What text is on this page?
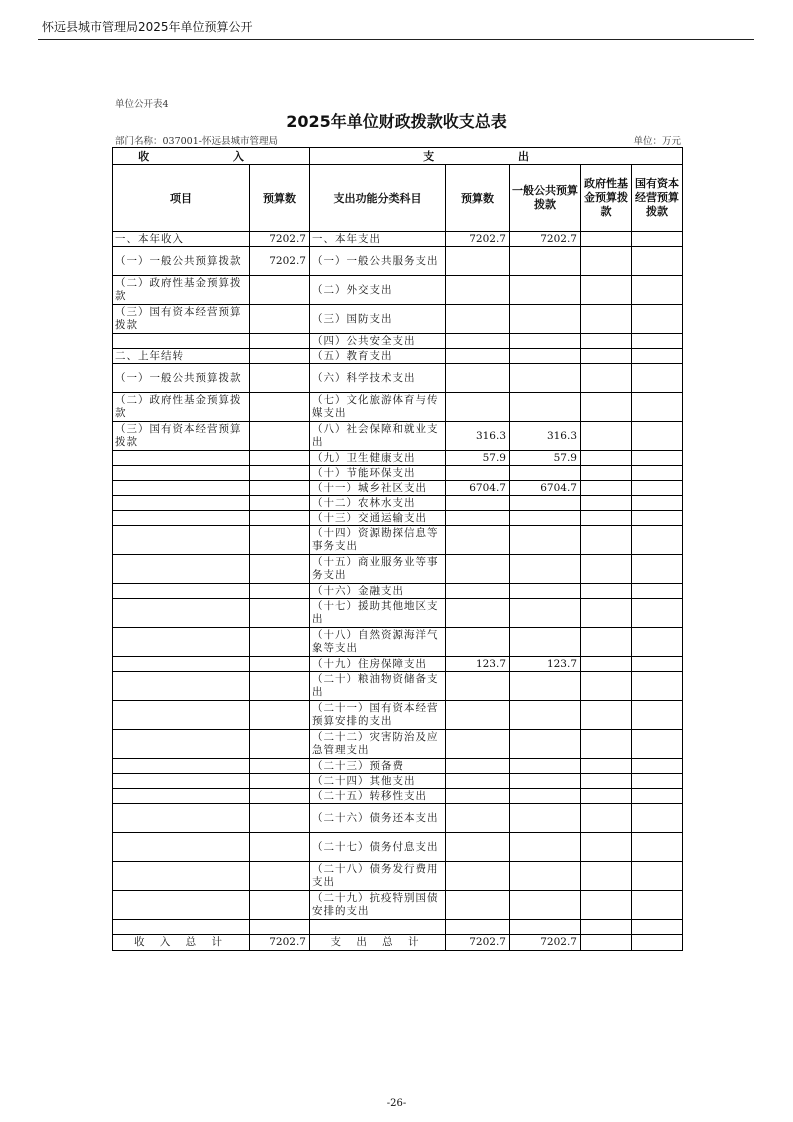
怀远县城市管理局2025年单位预算公开
单位公开表4
2025年单位财政拨款收支总表
部门名称：037001-怀远县城市管理局	单位：万元
收 入		支 出				
项目	预算数	支出功能分类科目	预算数	一般公共预算拨款	政府性基金预算拨款	国有资本经营预算拨款
一、本年收入	7202.7	一、本年支出	7202.7	7202.7		
（一）一般公共预算拨款	7202.7	（一）一般公共服务支出				
（二）政府性基金预算拨款		（二）外交支出				
（三）国有资本经营预算拨款		（三）国防支出				
		（四）公共安全支出				
二、上年结转		（五）教育支出				
（一）一般公共预算拨款		（六）科学技术支出				
（二）政府性基金预算拨款		（七）文化旅游体育与传媒支出				
（三）国有资本经营预算拨款		（八）社会保障和就业支出	316.3	316.3		
		（九）卫生健康支出	57.9	57.9		
		（十）节能环保支出				
		（十一）城乡社区支出	6704.7	6704.7		
		（十二）农林水支出				
		（十三）交通运输支出				
		（十四）资源勘探信息等事务支出				
		（十五）商业服务业等事务支出				
		（十六）金融支出				
		（十七）援助其他地区支出				
		（十八）自然资源海洋气象等支出				
		（十九）住房保障支出	123.7	123.7		
		（二十）粮油物资储备支出				
		（二十一）国有资本经营预算安排的支出				
		（二十二）灾害防治及应急管理支出				
		（二十三）预备费				
		（二十四）其他支出				
		（二十五）转移性支出				
		（二十六）债务还本支出				
		（二十七）债务付息支出				
		（二十八）债务发行费用支出				
		（二十九）抗疫特别国债安排的支出				

收 入 总 计	7202.7	支 出 总 计	7202.7	7202.7		
-26-
